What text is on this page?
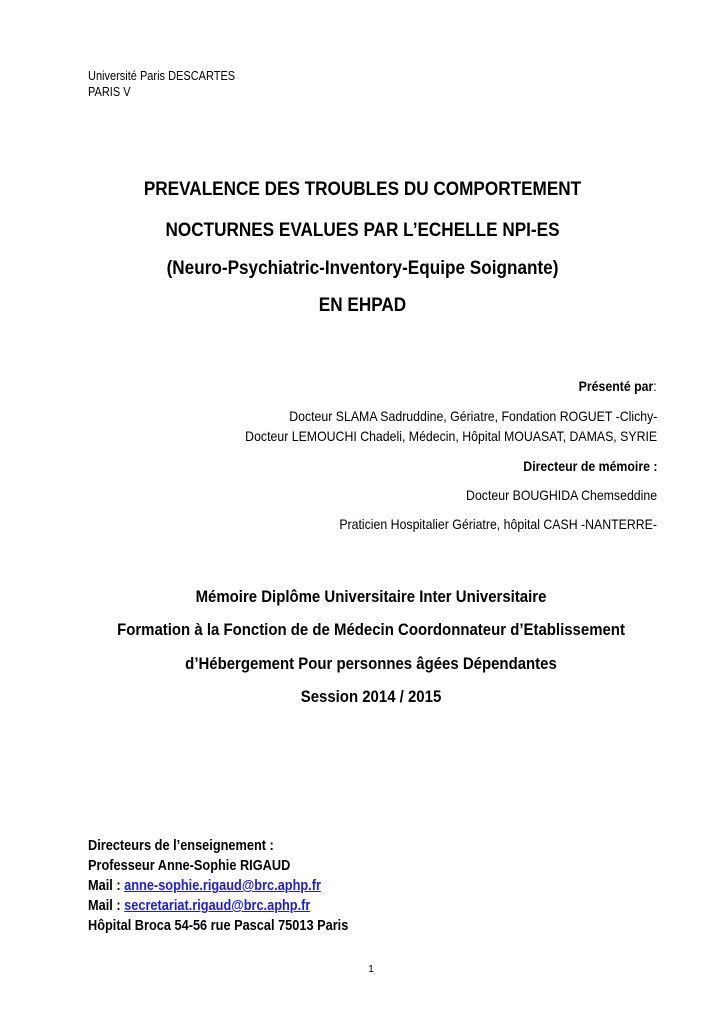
Université Paris DESCARTES
PARIS V
PREVALENCE DES TROUBLES DU COMPORTEMENT
NOCTURNES EVALUES PAR L’ECHELLE NPI-ES
(Neuro-Psychiatric-Inventory-Equipe Soignante)
EN EHPAD
Présenté par:
Docteur SLAMA Sadruddine, Gériatre, Fondation ROGUET -Clichy-
Docteur LEMOUCHI Chadeli, Médecin, Hôpital MOUASAT, DAMAS, SYRIE
Directeur de mémoire :
Docteur BOUGHIDA Chemseddine
Praticien Hospitalier Gériatre, hôpital CASH -NANTERRE-
Mémoire Diplôme Universitaire Inter Universitaire
Formation à la Fonction de de Médecin Coordonnateur d’Etablissement
d’Hébergement Pour personnes âgées Dépendantes
Session 2014 / 2015
Directeurs de l’enseignement :
Professeur Anne-Sophie RIGAUD
Mail : anne-sophie.rigaud@brc.aphp.fr
Mail : secretariat.rigaud@brc.aphp.fr
Hôpital Broca 54-56 rue Pascal 75013 Paris
1
